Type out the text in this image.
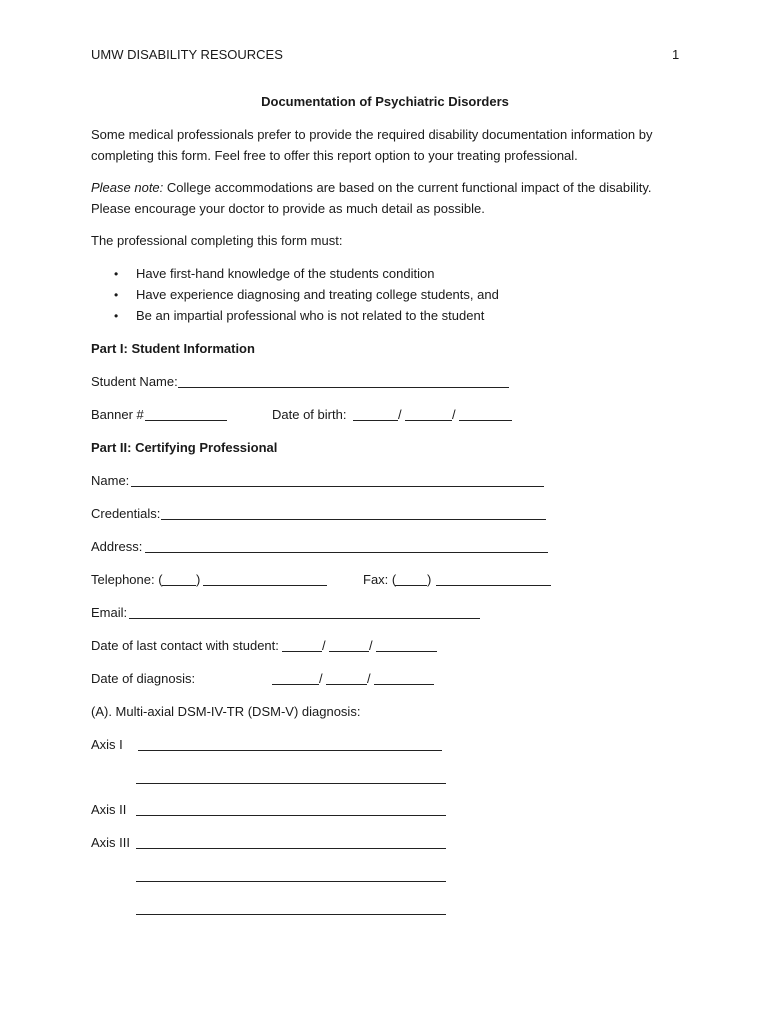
UMW DISABILITY RESOURCES	1
Documentation of Psychiatric Disorders
Some medical professionals prefer to provide the required disability documentation information by
completing this form. Feel free to offer this report option to your treating professional.
Please note: College accommodations are based on the current functional impact of the disability.
Please encourage your doctor to provide as much detail as possible.
The professional completing this form must:
• Have first-hand knowledge of the students condition
• Have experience diagnosing and treating college students, and
• Be an impartial professional who is not related to the student
Part I: Student Information
Student Name:
Banner #	Date of birth:	/	/
Part II: Certifying Professional
Name:
Credentials:
Address:
Telephone: (	)	Fax: ( )
Email:
Date of last contact with student:	/	/
Date of diagnosis:	/	/
(A). Multi-axial DSM-IV-TR (DSM-V) diagnosis:
Axis I
Axis II
Axis III
